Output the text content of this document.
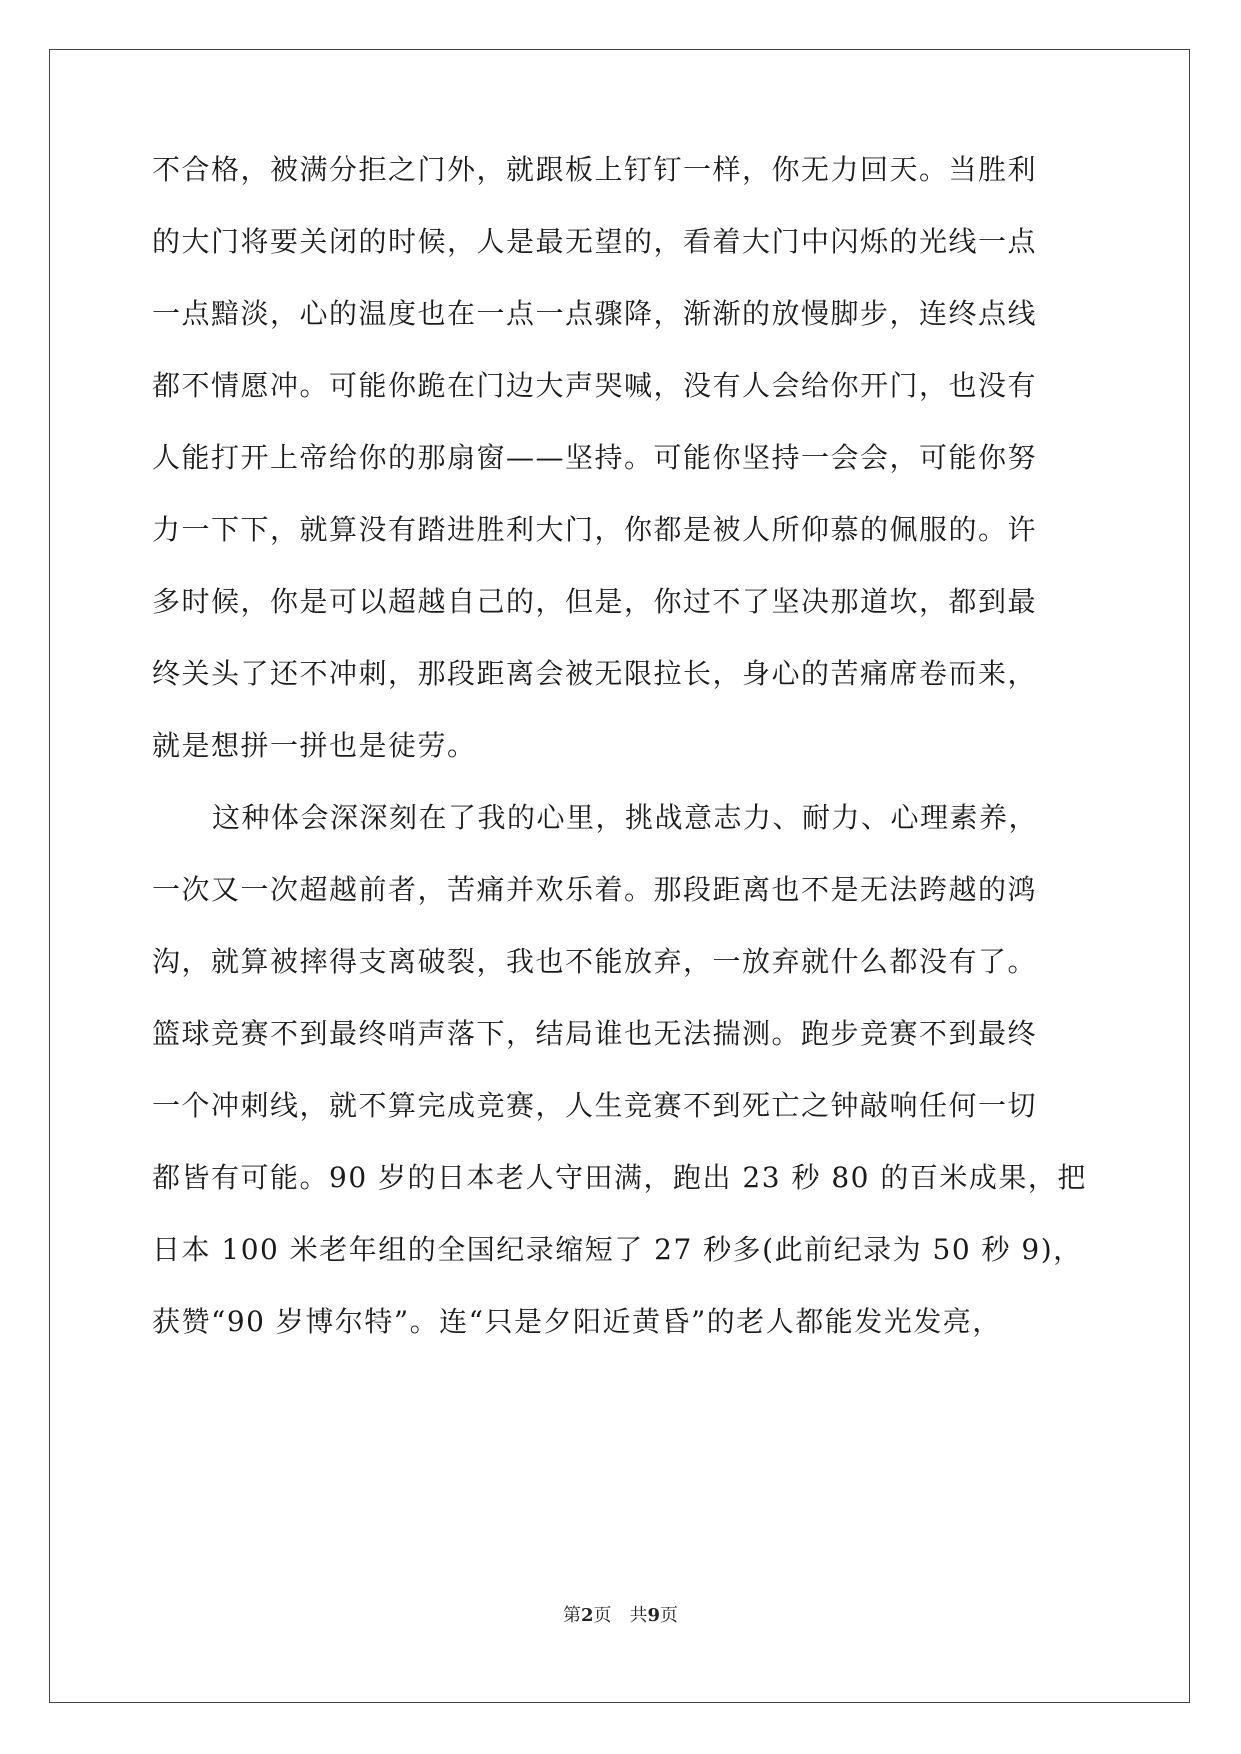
不合格，被满分拒之门外，就跟板上钉钉一样，你无力回天。当胜利
的大门将要关闭的时候，人是最无望的，看着大门中闪烁的光线一点
一点黯淡，心的温度也在一点一点骤降，渐渐的放慢脚步，连终点线
都不情愿冲。可能你跪在门边大声哭喊，没有人会给你开门，也没有
人能打开上帝给你的那扇窗——坚持。可能你坚持一会会，可能你努
力一下下，就算没有踏进胜利大门，你都是被人所仰慕的佩服的。许
多时候，你是可以超越自己的，但是，你过不了坚决那道坎，都到最
终关头了还不冲刺，那段距离会被无限拉长，身心的苦痛席卷而来，
就是想拼一拼也是徒劳。
这种体会深深刻在了我的心里，挑战意志力、耐力、心理素养，
一次又一次超越前者，苦痛并欢乐着。那段距离也不是无法跨越的鸿
沟，就算被摔得支离破裂，我也不能放弃，一放弃就什么都没有了。
篮球竞赛不到最终哨声落下，结局谁也无法揣测。跑步竞赛不到最终
一个冲刺线，就不算完成竞赛，人生竞赛不到死亡之钟敲响任何一切
都皆有可能。90 岁的日本老人守田满，跑出 23 秒 80 的百米成果，把
日本 100 米老年组的全国纪录缩短了 27 秒多(此前纪录为 50 秒 9)，
获赞“90 岁博尔特”。连“只是夕阳近黄昏”的老人都能发光发亮，
第2页 共9页
